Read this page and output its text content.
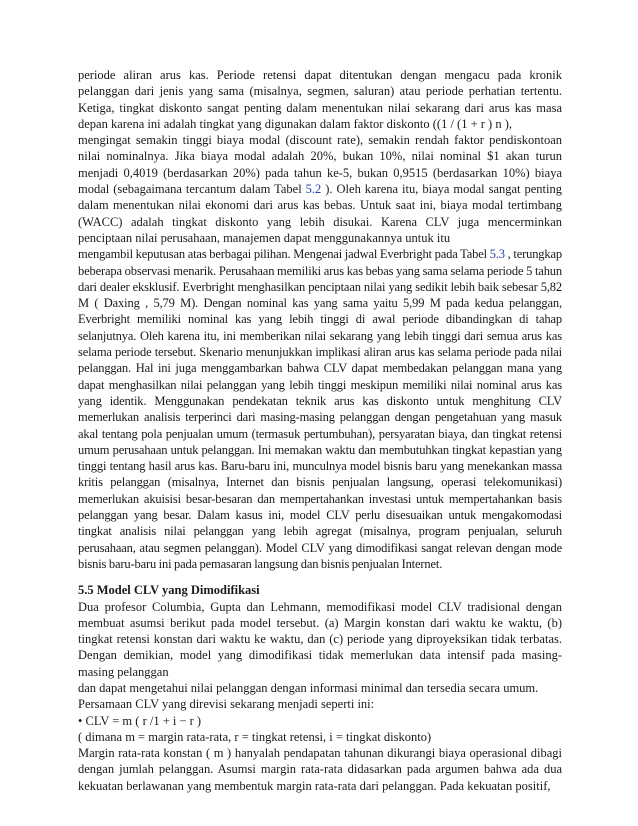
periode aliran arus kas. Periode retensi dapat ditentukan dengan mengacu pada kronik pelanggan dari jenis yang sama (misalnya, segmen, saluran) atau periode perhatian tertentu. Ketiga, tingkat diskonto sangat penting dalam menentukan nilai sekarang dari arus kas masa depan karena ini adalah tingkat yang digunakan dalam faktor diskonto ((1 / (1 + r ) n ),

mengingat semakin tinggi biaya modal (discount rate), semakin rendah faktor pendiskontoan nilai nominalnya. Jika biaya modal adalah 20%, bukan 10%, nilai nominal $1 akan turun menjadi 0,4019 (berdasarkan 20%) pada tahun ke-5, bukan 0,9515 (berdasarkan 10%) biaya modal (sebagaimana tercantum dalam Tabel 5.2 ). Oleh karena itu, biaya modal sangat penting dalam menentukan nilai ekonomi dari arus kas bebas. Untuk saat ini, biaya modal tertimbang (WACC) adalah tingkat diskonto yang lebih disukai. Karena CLV juga mencerminkan penciptaan nilai perusahaan, manajemen dapat menggunakannya untuk itu

mengambil keputusan atas berbagai pilihan. Mengenai jadwal Everbright pada Tabel 5.3 , terungkap beberapa observasi menarik. Perusahaan memiliki arus kas bebas yang sama selama periode 5 tahun dari dealer eksklusif. Everbright menghasilkan penciptaan nilai yang sedikit lebih baik sebesar 5,82 M ( Daxing , 5,79 M). Dengan nominal kas yang sama yaitu 5,99 M pada kedua pelanggan, Everbright memiliki nominal kas yang lebih tinggi di awal periode dibandingkan di tahap selanjutnya. Oleh karena itu, ini memberikan nilai sekarang yang lebih tinggi dari semua arus kas selama periode tersebut. Skenario menunjukkan implikasi aliran arus kas selama periode pada nilai pelanggan. Hal ini juga menggambarkan bahwa CLV dapat membedakan pelanggan mana yang dapat menghasilkan nilai pelanggan yang lebih tinggi meskipun memiliki nilai nominal arus kas yang identik. Menggunakan pendekatan teknik arus kas diskonto untuk menghitung CLV memerlukan analisis terperinci dari masing-masing pelanggan dengan pengetahuan yang masuk akal tentang pola penjualan umum (termasuk pertumbuhan), persyaratan biaya, dan tingkat retensi umum perusahaan untuk pelanggan. Ini memakan waktu dan membutuhkan tingkat kepastian yang tinggi tentang hasil arus kas. Baru-baru ini, munculnya model bisnis baru yang menekankan massa kritis pelanggan (misalnya, Internet dan bisnis penjualan langsung, operasi telekomunikasi) memerlukan akuisisi besar-besaran dan mempertahankan investasi untuk mempertahankan basis pelanggan yang besar. Dalam kasus ini, model CLV perlu disesuaikan untuk mengakomodasi tingkat analisis nilai pelanggan yang lebih agregat (misalnya, program penjualan, seluruh perusahaan, atau segmen pelanggan). Model CLV yang dimodifikasi sangat relevan dengan mode bisnis baru-baru ini pada pemasaran langsung dan bisnis penjualan Internet.

5.5 Model CLV yang Dimodifikasi

Dua profesor Columbia, Gupta dan Lehmann, memodifikasi model CLV tradisional dengan membuat asumsi berikut pada model tersebut. (a) Margin konstan dari waktu ke waktu, (b) tingkat retensi konstan dari waktu ke waktu, dan (c) periode yang diproyeksikan tidak terbatas. Dengan demikian, model yang dimodifikasi tidak memerlukan data intensif pada masing-masing pelanggan

dan dapat mengetahui nilai pelanggan dengan informasi minimal dan tersedia secara umum.

Persamaan CLV yang direvisi sekarang menjadi seperti ini:

• CLV = m ( r /1 + i − r )

( dimana m = margin rata-rata, r = tingkat retensi, i = tingkat diskonto)

Margin rata-rata konstan ( m ) hanyalah pendapatan tahunan dikurangi biaya operasional dibagi dengan jumlah pelanggan. Asumsi margin rata-rata didasarkan pada argumen bahwa ada dua kekuatan berlawanan yang membentuk margin rata-rata dari pelanggan. Pada kekuatan positif,
